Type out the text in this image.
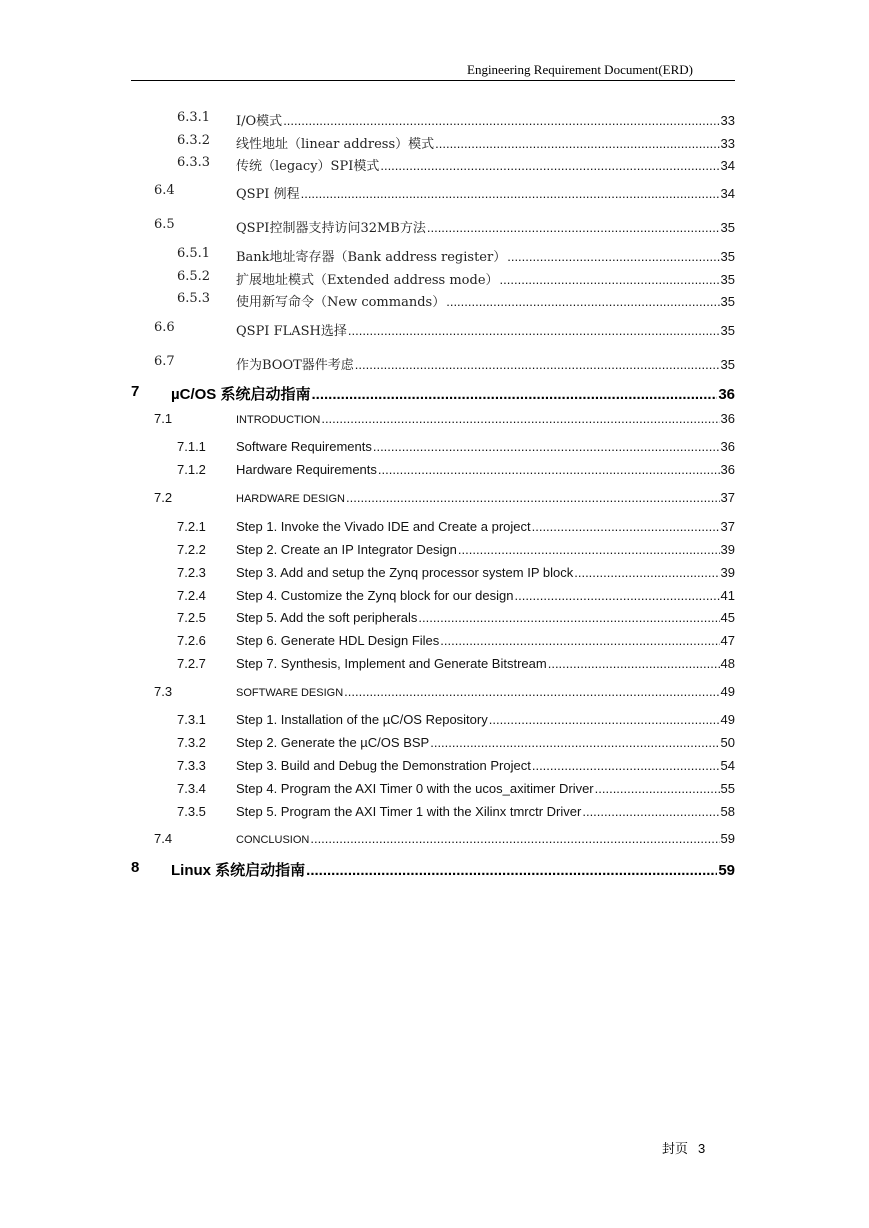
Engineering Requirement Document(ERD)
6.3.1 I/O模式 .....	33
6.3.2 线性地址（linear address）模式 .....	33
6.3.3 传统（legacy）SPI模式 .....	34
6.4	QSPI 例程 .....	34
6.5	QSPI控制器支持访问32MB方法 .....	35
6.5.1 Bank地址寄存器（Bank address register） .....	35
6.5.2 扩展地址模式（Extended address mode） .....	35
6.5.3 使用新写命令（New commands） .....	35
6.6	QSPI FLASH选择 .....	35
6.7	作为BOOT器件考虑 .....	35
7 µC/OS 系统启动指南 .....	36
7.1	INTRODUCTION .....	36
7.1.1 Software Requirements .....	36
7.1.2 Hardware Requirements .....	36
7.2	HARDWARE DESIGN .....	37
7.2.1 Step 1. Invoke the Vivado IDE and Create a project .....	37
7.2.2 Step 2. Create an IP Integrator Design .....	39
7.2.3 Step 3. Add and setup the Zynq processor system IP block .....	39
7.2.4 Step 4. Customize the Zynq block for our design .....	41
7.2.5 Step 5. Add the soft peripherals .....	45
7.2.6 Step 6. Generate HDL Design Files .....	47
7.2.7 Step 7. Synthesis, Implement and Generate Bitstream .....	48
7.3	SOFTWARE DESIGN .....	49
7.3.1 Step 1. Installation of the µC/OS Repository .....	49
7.3.2 Step 2. Generate the µC/OS BSP .....	50
7.3.3 Step 3. Build and Debug the Demonstration Project .....	54
7.3.4 Step 4. Program the AXI Timer 0 with the ucos_axitimer Driver .....	55
7.3.5 Step 5. Program the AXI Timer 1 with the Xilinx tmrctr Driver .....	58
7.4	CONCLUSION .....	59
8 Linux 系统启动指南 .....	59
封页 3
